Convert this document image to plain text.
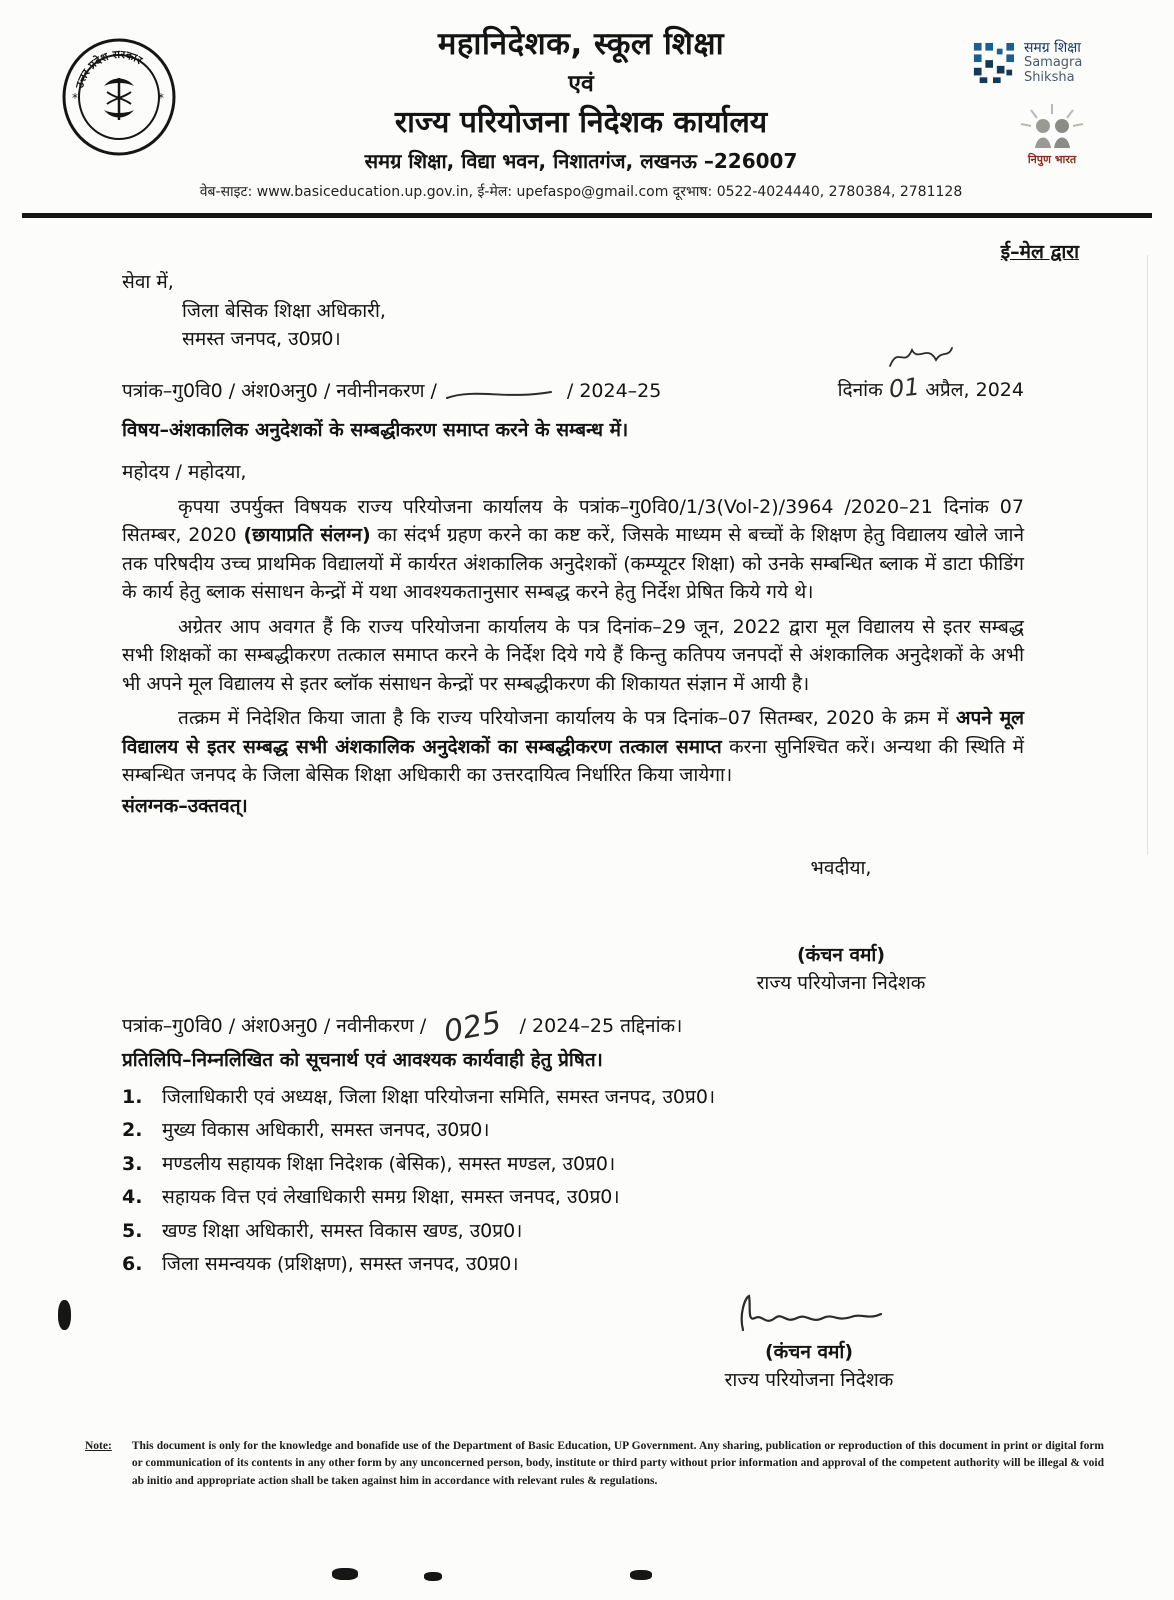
उत्तर प्रदेश सरकार
*	*
महानिदेशक, स्कूल शिक्षा
एवं
राज्य परियोजना निदेशक कार्यालय
समग्र शिक्षा, विद्या भवन, निशातगंज, लखनऊ –226007
वेब-साइट: www.basiceducation.up.gov.in, ई-मेल: upefaspo@gmail.com दूरभाष: 0522-4024440, 2780384, 2781128
समग्र शिक्षा
Samagra Shiksha
निपुण भारत
ई–मेल द्वारा
सेवा में,
जिला बेसिक शिक्षा अधिकारी,
समस्त जनपद, उ0प्र0।
पत्रांक–गु0वि0 / अंश0अनु0 / नवीनीनकरण /	/ 2024–25	दिनांक 01 अप्रैल, 2024
विषय–अंशकालिक अनुदेशकों के सम्बद्धीकरण समाप्त करने के सम्बन्ध में।
महोदय / महोदया,

कृपया उपर्युक्त विषयक राज्य परियोजना कार्यालय के पत्रांक–गु0वि0/1/3(Vol-2)/3964 /2020–21 दिनांक 07 सितम्बर, 2020 (छायाप्रति संलग्न) का संदर्भ ग्रहण करने का कष्ट करें, जिसके माध्यम से बच्चों के शिक्षण हेतु विद्यालय खोले जाने तक परिषदीय उच्च प्राथमिक विद्यालयों में कार्यरत अंशकालिक अनुदेशकों (कम्प्यूटर शिक्षा) को उनके सम्बन्धित ब्लाक में डाटा फीडिंग के कार्य हेतु ब्लाक संसाधन केन्द्रों में यथा आवश्यकतानुसार सम्बद्ध करने हेतु निर्देश प्रेषित किये गये थे।

अग्रेतर आप अवगत हैं कि राज्य परियोजना कार्यालय के पत्र दिनांक–29 जून, 2022 द्वारा मूल विद्यालय से इतर सम्बद्ध सभी शिक्षकों का सम्बद्धीकरण तत्काल समाप्त करने के निर्देश दिये गये हैं किन्तु कतिपय जनपदों से अंशकालिक अनुदेशकों के अभी भी अपने मूल विद्यालय से इतर ब्लॉक संसाधन केन्द्रों पर सम्बद्धीकरण की शिकायत संज्ञान में आयी है।

तत्क्रम में निदेशित किया जाता है कि राज्य परियोजना कार्यालय के पत्र दिनांक–07 सितम्बर, 2020 के क्रम में अपने मूल विद्यालय से इतर सम्बद्ध सभी अंशकालिक अनुदेशकों का सम्बद्धीकरण तत्काल समाप्त करना सुनिश्चित करें। अन्यथा की स्थिति में सम्बन्धित जनपद के जिला बेसिक शिक्षा अधिकारी का उत्तरदायित्व निर्धारित किया जायेगा।

संलग्नक–उक्तवत्।
भवदीया,
(कंचन वर्मा)
राज्य परियोजना निदेशक
पत्रांक–गु0वि0 / अंश0अनु0 / नवीनीकरण / 025 / 2024–25 तद्दिनांक।
प्रतिलिपि–निम्नलिखित को सूचनार्थ एवं आवश्यक कार्यवाही हेतु प्रेषित।
1.	जिलाधिकारी एवं अध्यक्ष, जिला शिक्षा परियोजना समिति, समस्त जनपद, उ0प्र0।
2.	मुख्य विकास अधिकारी, समस्त जनपद, उ0प्र0।
3.	मण्डलीय सहायक शिक्षा निदेशक (बेसिक), समस्त मण्डल, उ0प्र0।
4.	सहायक वित्त एवं लेखाधिकारी समग्र शिक्षा, समस्त जनपद, उ0प्र0।
5.	खण्ड शिक्षा अधिकारी, समस्त विकास खण्ड, उ0प्र0।
6.	जिला समन्वयक (प्रशिक्षण), समस्त जनपद, उ0प्र0।
(कंचन वर्मा)
राज्य परियोजना निदेशक
Note: This document is only for the knowledge and bonafide use of the Department of Basic Education, UP Government. Any sharing, publication or reproduction of this document in print or digital form or communication of its contents in any other form by any unconcerned person, body, institute or third party without prior information and approval of the competent authority will be illegal & void ab initio and appropriate action shall be taken against him in accordance with relevant rules & regulations.
